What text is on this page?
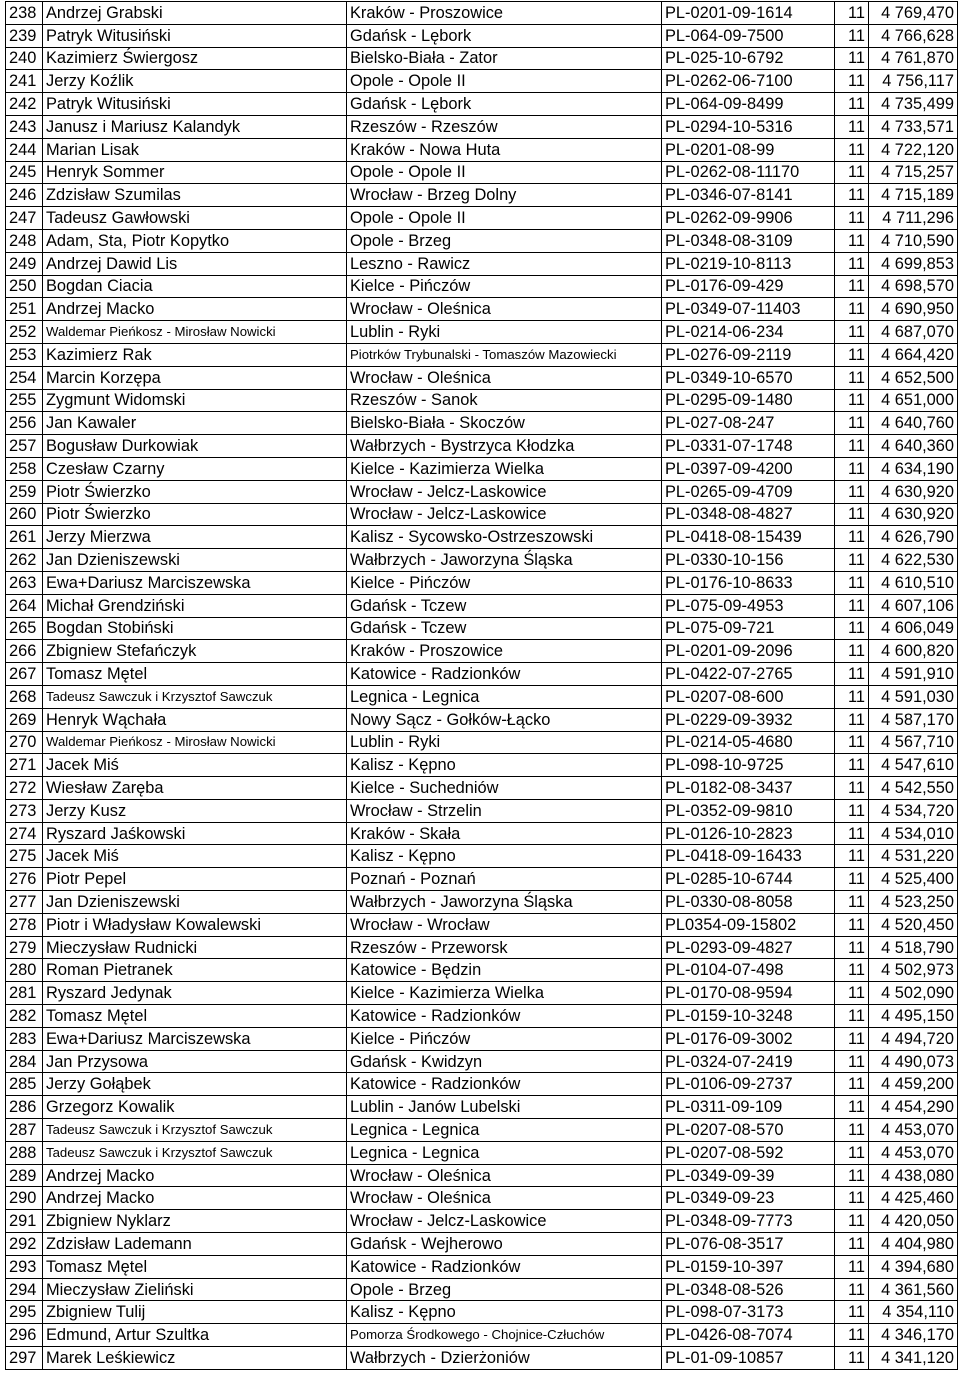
238	Andrzej Grabski	Kraków - Proszowice	PL-0201-09-1614	11	4 769,470
239	Patryk Witusiński	Gdańsk - Lębork	PL-064-09-7500	11	4 766,628
240	Kazimierz Świergosz	Bielsko-Biała - Zator	PL-025-10-6792	11	4 761,870
241	Jerzy Koźlik	Opole - Opole II	PL-0262-06-7100	11	4 756,117
242	Patryk Witusiński	Gdańsk - Lębork	PL-064-09-8499	11	4 735,499
243	Janusz i Mariusz Kalandyk	Rzeszów - Rzeszów	PL-0294-10-5316	11	4 733,571
244	Marian Lisak	Kraków - Nowa Huta	PL-0201-08-99	11	4 722,120
245	Henryk Sommer	Opole - Opole II	PL-0262-08-11170	11	4 715,257
246	Zdzisław Szumilas	Wrocław - Brzeg Dolny	PL-0346-07-8141	11	4 715,189
247	Tadeusz Gawłowski	Opole - Opole II	PL-0262-09-9906	11	4 711,296
248	Adam, Sta, Piotr Kopytko	Opole - Brzeg	PL-0348-08-3109	11	4 710,590
249	Andrzej Dawid Lis	Leszno - Rawicz	PL-0219-10-8113	11	4 699,853
250	Bogdan Ciacia	Kielce - Pińczów	PL-0176-09-429	11	4 698,570
251	Andrzej Macko	Wrocław - Oleśnica	PL-0349-07-11403	11	4 690,950
252	Waldemar Pieńkosz - Mirosław Nowicki	Lublin - Ryki	PL-0214-06-234	11	4 687,070
253	Kazimierz Rak	Piotrków Trybunalski - Tomaszów Mazowiecki	PL-0276-09-2119	11	4 664,420
254	Marcin Korzępa	Wrocław - Oleśnica	PL-0349-10-6570	11	4 652,500
255	Zygmunt Widomski	Rzeszów - Sanok	PL-0295-09-1480	11	4 651,000
256	Jan Kawaler	Bielsko-Biała - Skoczów	PL-027-08-247	11	4 640,760
257	Bogusław Durkowiak	Wałbrzych - Bystrzyca Kłodzka	PL-0331-07-1748	11	4 640,360
258	Czesław Czarny	Kielce - Kazimierza Wielka	PL-0397-09-4200	11	4 634,190
259	Piotr Świerzko	Wrocław - Jelcz-Laskowice	PL-0265-09-4709	11	4 630,920
260	Piotr Świerzko	Wrocław - Jelcz-Laskowice	PL-0348-08-4827	11	4 630,920
261	Jerzy Mierzwa	Kalisz - Sycowsko-Ostrzeszowski	PL-0418-08-15439	11	4 626,790
262	Jan Dzieniszewski	Wałbrzych - Jaworzyna Śląska	PL-0330-10-156	11	4 622,530
263	Ewa+Dariusz Marciszewska	Kielce - Pińczów	PL-0176-10-8633	11	4 610,510
264	Michał Grendziński	Gdańsk - Tczew	PL-075-09-4953	11	4 607,106
265	Bogdan Stobiński	Gdańsk - Tczew	PL-075-09-721	11	4 606,049
266	Zbigniew Stefańczyk	Kraków - Proszowice	PL-0201-09-2096	11	4 600,820
267	Tomasz Mętel	Katowice - Radzionków	PL-0422-07-2765	11	4 591,910
268	Tadeusz Sawczuk i Krzysztof Sawczuk	Legnica - Legnica	PL-0207-08-600	11	4 591,030
269	Henryk Wąchała	Nowy Sącz - Gołków-Łącko	PL-0229-09-3932	11	4 587,170
270	Waldemar Pieńkosz - Mirosław Nowicki	Lublin - Ryki	PL-0214-05-4680	11	4 567,710
271	Jacek Miś	Kalisz - Kępno	PL-098-10-9725	11	4 547,610
272	Wiesław Zaręba	Kielce - Suchedniów	PL-0182-08-3437	11	4 542,550
273	Jerzy Kusz	Wrocław - Strzelin	PL-0352-09-9810	11	4 534,720
274	Ryszard Jaśkowski	Kraków - Skała	PL-0126-10-2823	11	4 534,010
275	Jacek Miś	Kalisz - Kępno	PL-0418-09-16433	11	4 531,220
276	Piotr Pepel	Poznań - Poznań	PL-0285-10-6744	11	4 525,400
277	Jan Dzieniszewski	Wałbrzych - Jaworzyna Śląska	PL-0330-08-8058	11	4 523,250
278	Piotr i Władysław Kowalewski	Wrocław - Wrocław	PL0354-09-15802	11	4 520,450
279	Mieczysław Rudnicki	Rzeszów - Przeworsk	PL-0293-09-4827	11	4 518,790
280	Roman Pietranek	Katowice - Będzin	PL-0104-07-498	11	4 502,973
281	Ryszard Jedynak	Kielce - Kazimierza Wielka	PL-0170-08-9594	11	4 502,090
282	Tomasz Mętel	Katowice - Radzionków	PL-0159-10-3248	11	4 495,150
283	Ewa+Dariusz Marciszewska	Kielce - Pińczów	PL-0176-09-3002	11	4 494,720
284	Jan Przysowa	Gdańsk - Kwidzyn	PL-0324-07-2419	11	4 490,073
285	Jerzy Gołąbek	Katowice - Radzionków	PL-0106-09-2737	11	4 459,200
286	Grzegorz Kowalik	Lublin - Janów Lubelski	PL-0311-09-109	11	4 454,290
287	Tadeusz Sawczuk i Krzysztof Sawczuk	Legnica - Legnica	PL-0207-08-570	11	4 453,070
288	Tadeusz Sawczuk i Krzysztof Sawczuk	Legnica - Legnica	PL-0207-08-592	11	4 453,070
289	Andrzej Macko	Wrocław - Oleśnica	PL-0349-09-39	11	4 438,080
290	Andrzej Macko	Wrocław - Oleśnica	PL-0349-09-23	11	4 425,460
291	Zbigniew Nyklarz	Wrocław - Jelcz-Laskowice	PL-0348-09-7773	11	4 420,050
292	Zdzisław Lademann	Gdańsk - Wejherowo	PL-076-08-3517	11	4 404,980
293	Tomasz Mętel	Katowice - Radzionków	PL-0159-10-397	11	4 394,680
294	Mieczysław Zieliński	Opole - Brzeg	PL-0348-08-526	11	4 361,560
295	Zbigniew Tulij	Kalisz - Kępno	PL-098-07-3173	11	4 354,110
296	Edmund, Artur Szultka	Pomorza Środkowego - Chojnice-Człuchów	PL-0426-08-7074	11	4 346,170
297	Marek Leśkiewicz	Wałbrzych - Dzierżoniów	PL-01-09-10857	11	4 341,120
